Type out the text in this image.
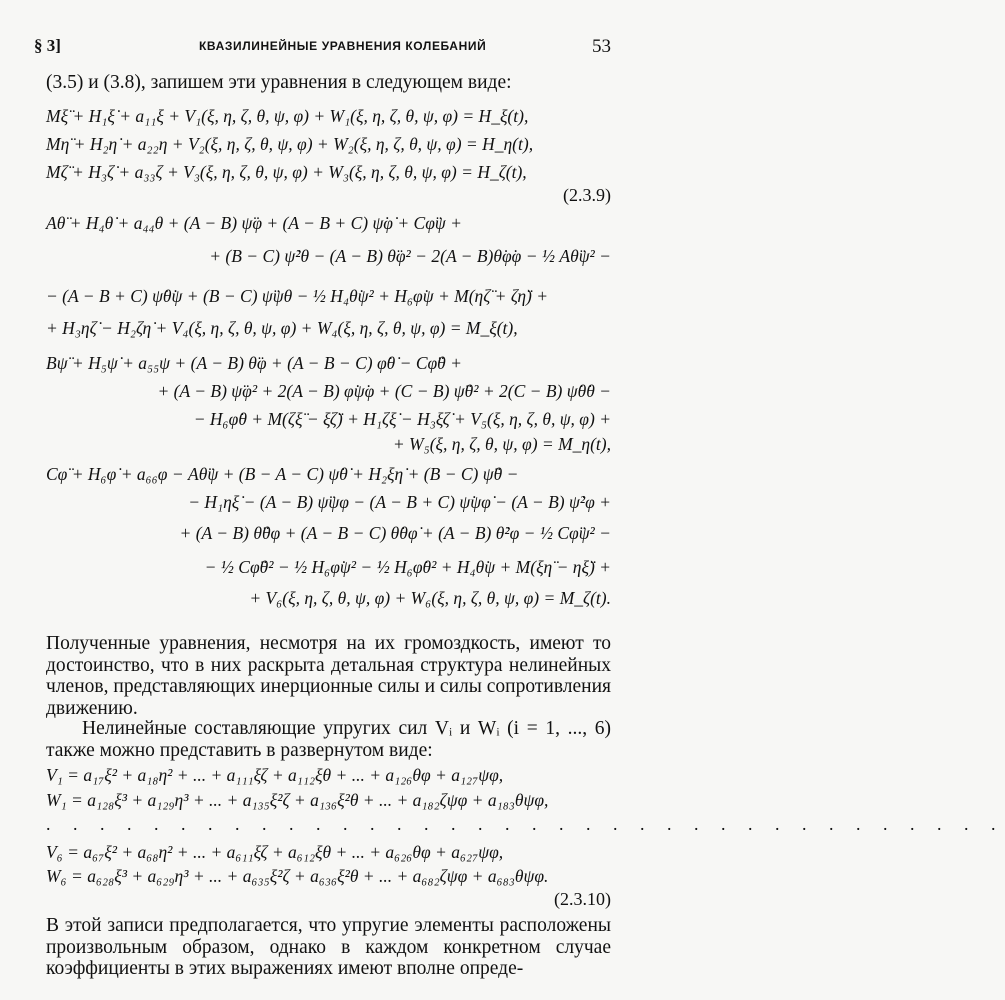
§ 3]	КВАЗИЛИНЕЙНЫЕ УРАВНЕНИЯ КОЛЕБАНИЙ	53
(3.5) и (3.8), запишем эти уравнения в следующем виде:
Mξ̈ + H₁ξ̇ + a₁₁ξ + V₁(ξ, η, ζ, θ, ψ, φ) + W₁(ξ, η, ζ, θ, ψ, φ) = H_ξ(t),
Mη̈ + H₂η̇ + a₂₂η + V₂(ξ, η, ζ, θ, ψ, φ) + W₂(ξ, η, ζ, θ, ψ, φ) = H_η(t),
Mζ̈ + H₃ζ̇ + a₃₃ζ + V₃(ξ, η, ζ, θ, ψ, φ) + W₃(ξ, η, ζ, θ, ψ, φ) = H_ζ(t),
(2.3.9)
Aθ̈ + H₄θ̇ + a₄₄θ + (A − B) ψ̈φ + (A − B + C) ψ̇φ̇ + Cφ̈ψ +
+ (B − C) ψ̇²θ − (A − B) θ̈φ² − 2(A − B)θ̇φ̇φ − ½ Aθ̈ψ² −
− (A − B + C) ψ̇θ̇ψ + (B − C) ψ̈ψθ − ½ H₄θ̇ψ² + H₆φ̇ψ + M(ηζ̈ + ζη̈) +
+ H₃ηζ̇ − H₂ζη̇ + V₄(ξ, η, ζ, θ, ψ, φ) + W₄(ξ, η, ζ, θ, ψ, φ) = M_ξ(t),
Bψ̈ + H₅ψ̇ + a₅₅ψ + (A − B) θ̈φ + (A − B − C) φ̇θ̇ − Cφ̈θ +
+ (A − B) ψ̈φ² + 2(A − B) φ̇ψ̇φ + (C − B) ψ̈θ² + 2(C − B) ψ̇θ̇θ −
− H₆φ̇θ + M(ζξ̈ − ξζ̈) + H₁ζξ̇ − H₃ξζ̇ + V₅(ξ, η, ζ, θ, ψ, φ) +
+ W₅(ξ, η, ζ, θ, ψ, φ) = M_η(t),
Cφ̈ + H₆φ̇ + a₆₆φ − Aθ̈ψ + (B − A − C) ψ̇θ̇ + H₂ξη̇ + (B − C) ψ̈θ −
− H₁ηξ̇ − (A − B) ψ̈ψφ − (A − B + C) ψ̇ψφ̇ − (A − B) ψ̇²φ +
+ (A − B) θ̈θφ + (A − B − C) θ̇θφ̇ + (A − B) θ̇²φ − ½ Cφ̈ψ² −
− ½ Cφ̈θ² − ½ H₆φ̇ψ² − ½ H₆φ̇θ² + H₄θ̇ψ + M(ξη̈ − ηξ̈) +
+ V₆(ξ, η, ζ, θ, ψ, φ) + W₆(ξ, η, ζ, θ, ψ, φ) = M_ζ(t).
Полученные уравнения, несмотря на их громоздкость, имеют то достоинство, что в них раскрыта детальная структура нелинейных членов, представляющих инерционные силы и силы сопротивления движению.
Нелинейные составляющие упругих сил Vᵢ и Wᵢ (i = 1, ..., 6) также можно представить в развернутом виде:
V₁ = a₁₇ξ² + a₁₈η² + ... + a₁₁₁ξζ + a₁₁₂ξθ + ... + a₁₂₆θφ + a₁₂₇ψφ,
W₁ = a₁₂₈ξ³ + a₁₂₉η³ + ... + a₁₃₅ξ²ζ + a₁₃₆ξ²θ + ... + a₁₈₂ζψφ + a₁₈₃θψφ,
. . . . . . . . . . . . . . . . . . . . . . . . . . . . . . . . . . . .
V₆ = a₆₇ξ² + a₆₈η² + ... + a₆₁₁ξζ + a₆₁₂ξθ + ... + a₆₂₆θφ + a₆₂₇ψφ,
W₆ = a₆₂₈ξ³ + a₆₂₉η³ + ... + a₆₃₅ξ²ζ + a₆₃₆ξ²θ + ... + a₆₈₂ζψφ + a₆₈₃θψφ.
(2.3.10)
В этой записи предполагается, что упругие элементы расположены произвольным образом, однако в каждом конкретном случае коэффициенты в этих выражениях имеют вполне опреде-
